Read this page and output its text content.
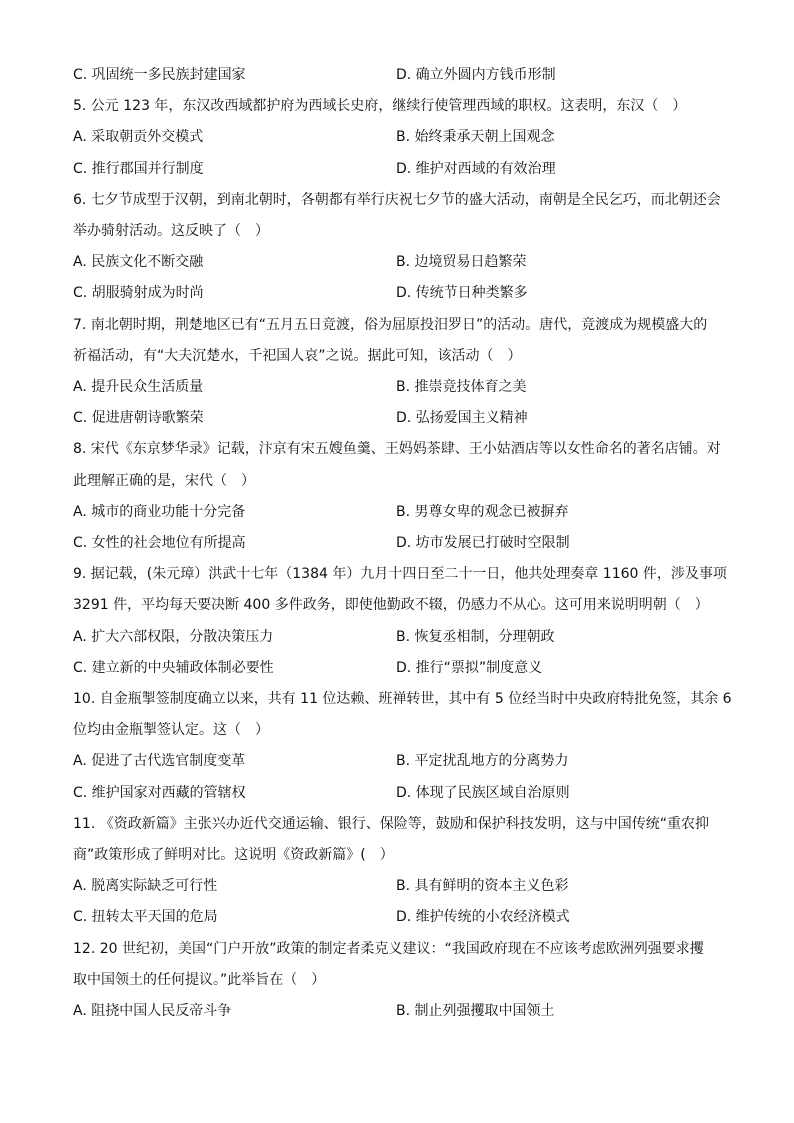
C. 巩固统一多民族封建国家	D. 确立外圆内方钱币形制
5. 公元 123 年，东汉改西域都护府为西域长史府，继续行使管理西域的职权。这表明，东汉（　）
A. 采取朝贡外交模式	B. 始终秉承天朝上国观念
C. 推行郡国并行制度	D. 维护对西域的有效治理
6. 七夕节成型于汉朝，到南北朝时，各朝都有举行庆祝七夕节的盛大活动，南朝是全民乞巧，而北朝还会
举办骑射活动。这反映了（　）
A. 民族文化不断交融	B. 边境贸易日趋繁荣
C. 胡服骑射成为时尚	D. 传统节日种类繁多
7. 南北朝时期，荆楚地区已有“五月五日竞渡，俗为屈原投汨罗日”的活动。唐代，竞渡成为规模盛大的
祈福活动，有“大夫沉楚水，千祀国人哀”之说。据此可知，该活动（　）
A. 提升民众生活质量	B. 推崇竞技体育之美
C. 促进唐朝诗歌繁荣	D. 弘扬爱国主义精神
8. 宋代《东京梦华录》记载，汴京有宋五嫂鱼羹、王妈妈茶肆、王小姑酒店等以女性命名的著名店铺。对
此理解正确的是，宋代（　）
A. 城市的商业功能十分完备	B. 男尊女卑的观念已被摒弃
C. 女性的社会地位有所提高	D. 坊市发展已打破时空限制
9. 据记载，(朱元璋）洪武十七年（1384 年）九月十四日至二十一日，他共处理奏章 1160 件，涉及事项
3291 件，平均每天要决断 400 多件政务，即使他勤政不辍，仍感力不从心。这可用来说明明朝（　）
A. 扩大六部权限，分散决策压力	B. 恢复丞相制，分理朝政
C. 建立新的中央辅政体制必要性	D. 推行“票拟”制度意义
10. 自金瓶掣签制度确立以来，共有 11 位达赖、班禅转世，其中有 5 位经当时中央政府特批免签，其余 6
位均由金瓶掣签认定。这（　）
A. 促进了古代选官制度变革	B. 平定扰乱地方的分离势力
C. 维护国家对西藏的管辖权	D. 体现了民族区域自治原则
11. 《资政新篇》主张兴办近代交通运输、银行、保险等，鼓励和保护科技发明，这与中国传统“重农抑
商”政策形成了鲜明对比。这说明《资政新篇》(　）
A. 脱离实际缺乏可行性	B. 具有鲜明的资本主义色彩
C. 扭转太平天国的危局	D. 维护传统的小农经济模式
12. 20 世纪初，美国“门户开放”政策的制定者柔克义建议：“我国政府现在不应该考虑欧洲列强要求攫
取中国领土的任何提议。”此举旨在（　）
A. 阻挠中国人民反帝斗争	B. 制止列强攫取中国领土
